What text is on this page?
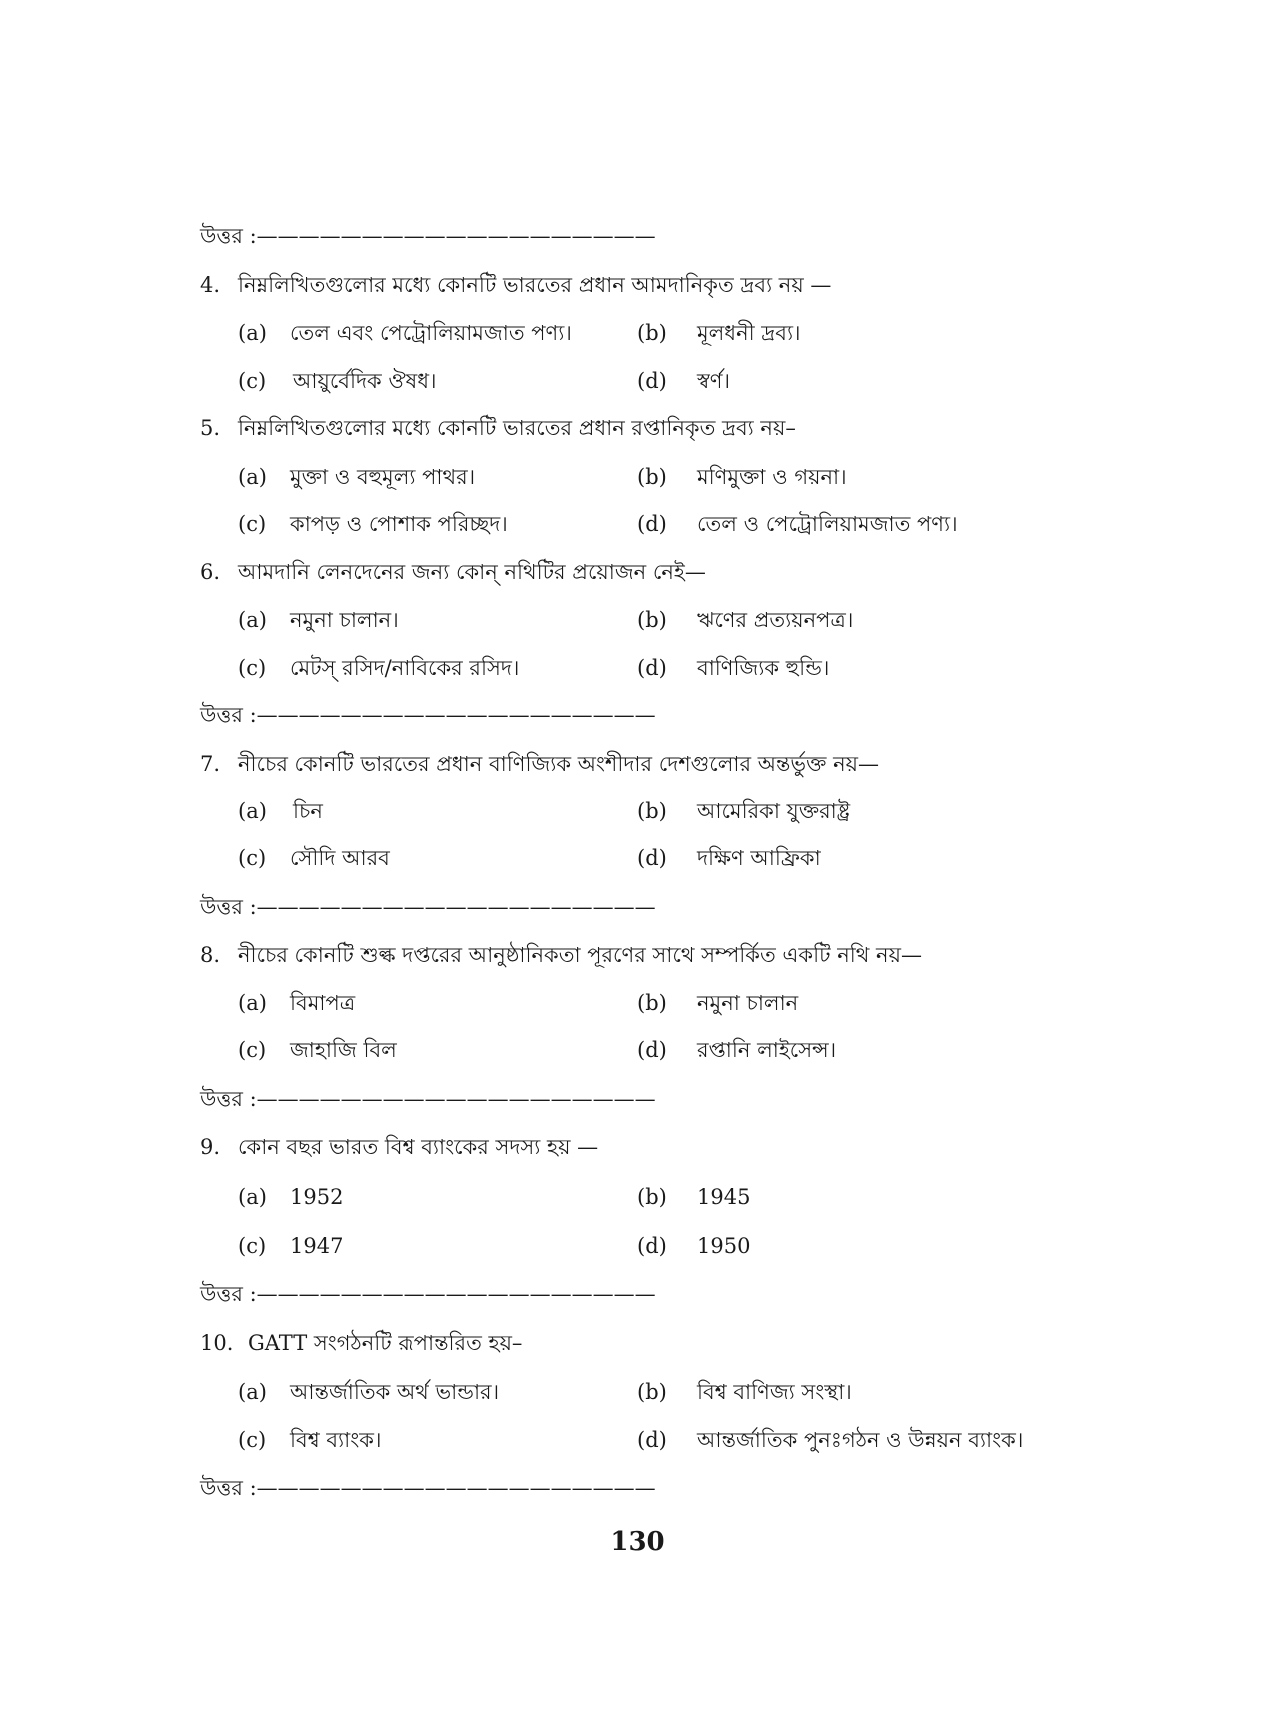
উত্তর :———————————————————
4. নিম্নলিখিতগুলোর মধ্যে কোনটি ভারতের প্রধান আমদানিকৃত দ্রব্য নয় —
(a) তেল এবং পেট্রোলিয়ামজাত পণ্য।	(b) মূলধনী দ্রব্য।
(c) আয়ুর্বেদিক ঔষধ।	(d) স্বর্ণ।
5. নিম্নলিখিতগুলোর মধ্যে কোনটি ভারতের প্রধান রপ্তানিকৃত দ্রব্য নয়–
(a) মুক্তা ও বহুমূল্য পাথর।	(b) মণিমুক্তা ও গয়না।
(c) কাপড় ও পোশাক পরিচ্ছদ।	(d) তেল ও পেট্রোলিয়ামজাত পণ্য।
6. আমদানি লেনদেনের জন্য কোন্ নথিটির প্রয়োজন নেই—
(a) নমুনা চালান।	(b) ঋণের প্রত্যয়নপত্র।
(c) মেটস্ রসিদ/নাবিকের রসিদ।	(d) বাণিজ্যিক হুন্ডি।
উত্তর :———————————————————
7. নীচের কোনটি ভারতের প্রধান বাণিজ্যিক অংশীদার দেশগুলোর অন্তর্ভুক্ত নয়—
(a) চিন	(b) আমেরিকা যুক্তরাষ্ট্র
(c) সৌদি আরব	(d) দক্ষিণ আফ্রিকা
উত্তর :———————————————————
8. নীচের কোনটি শুল্ক দপ্তরের আনুষ্ঠানিকতা পূরণের সাথে সম্পর্কিত একটি নথি নয়—
(a) বিমাপত্র	(b) নমুনা চালান
(c) জাহাজি বিল	(d) রপ্তানি লাইসেন্স।
উত্তর :———————————————————
9. কোন বছর ভারত বিশ্ব ব্যাংকের সদস্য হয় —
(a) 1952	(b) 1945
(c) 1947	(d) 1950
উত্তর :———————————————————
10. GATT সংগঠনটি রূপান্তরিত হয়–
(a) আন্তর্জাতিক অর্থ ভান্ডার।	(b) বিশ্ব বাণিজ্য সংস্থা।
(c) বিশ্ব ব্যাংক।	(d) আন্তর্জাতিক পুনঃগঠন ও উন্নয়ন ব্যাংক।
উত্তর :———————————————————
130
